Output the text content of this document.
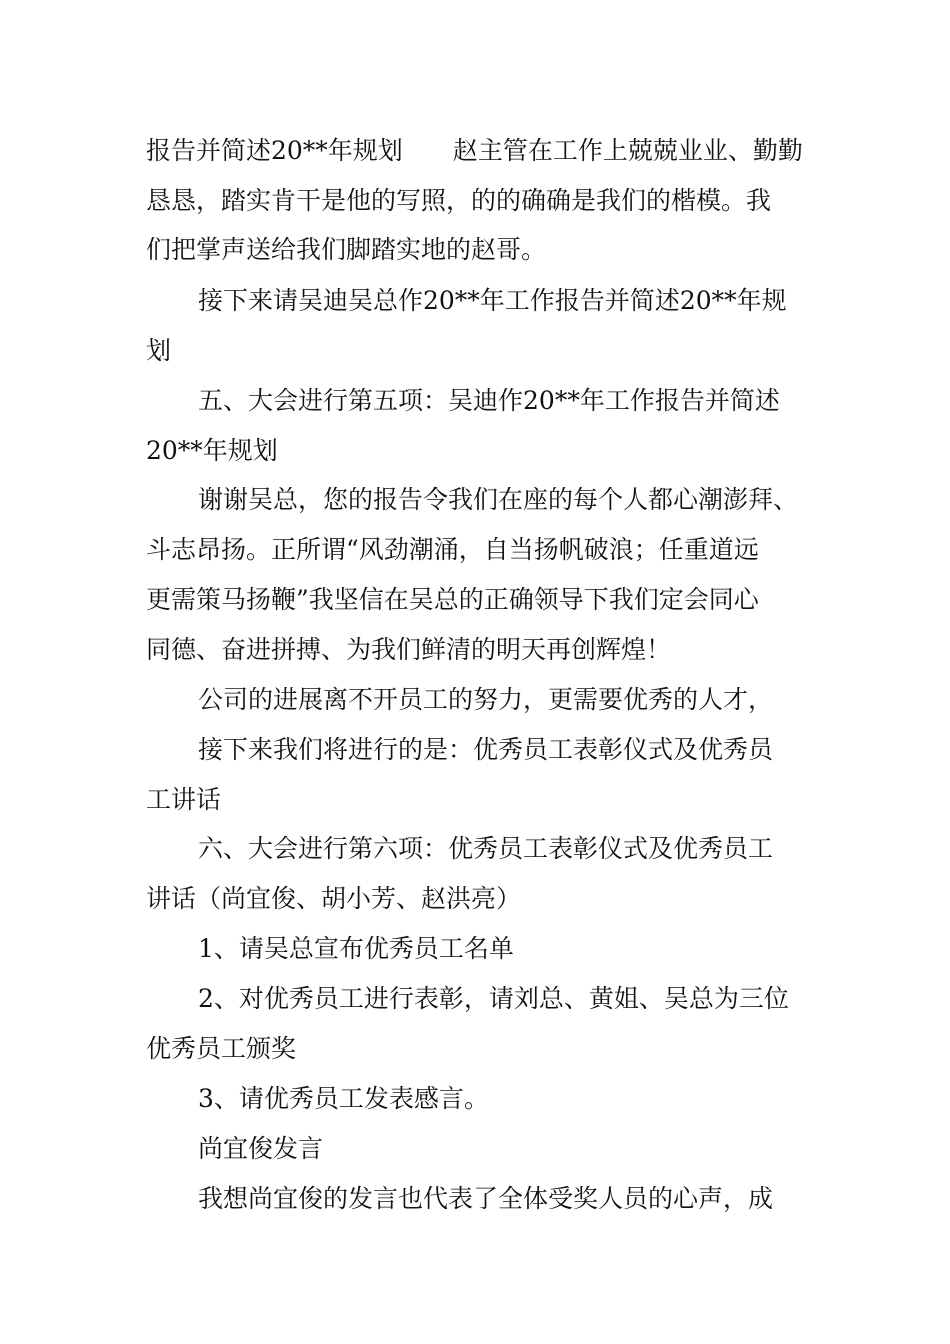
报告并简述20**年规划　　赵主管在工作上兢兢业业、勤勤
恳恳，踏实肯干是他的写照，的的确确是我们的楷模。我
们把掌声送给我们脚踏实地的赵哥。
接下来请吴迪吴总作20**年工作报告并简述20**年规
划
五、大会进行第五项：吴迪作20**年工作报告并简述
20**年规划
谢谢吴总，您的报告令我们在座的每个人都心潮澎拜、
斗志昂扬。正所谓“风劲潮涌，自当扬帆破浪；任重道远
更需策马扬鞭”我坚信在吴总的正确领导下我们定会同心
同德、奋进拼搏、为我们鲜清的明天再创辉煌！
公司的进展离不开员工的努力，更需要优秀的人才，
接下来我们将进行的是：优秀员工表彰仪式及优秀员
工讲话
六、大会进行第六项：优秀员工表彰仪式及优秀员工
讲话（尚宜俊、胡小芳、赵洪亮）
1、请吴总宣布优秀员工名单
2、对优秀员工进行表彰，请刘总、黄姐、吴总为三位
优秀员工颁奖
3、请优秀员工发表感言。
尚宜俊发言
我想尚宜俊的发言也代表了全体受奖人员的心声，成
